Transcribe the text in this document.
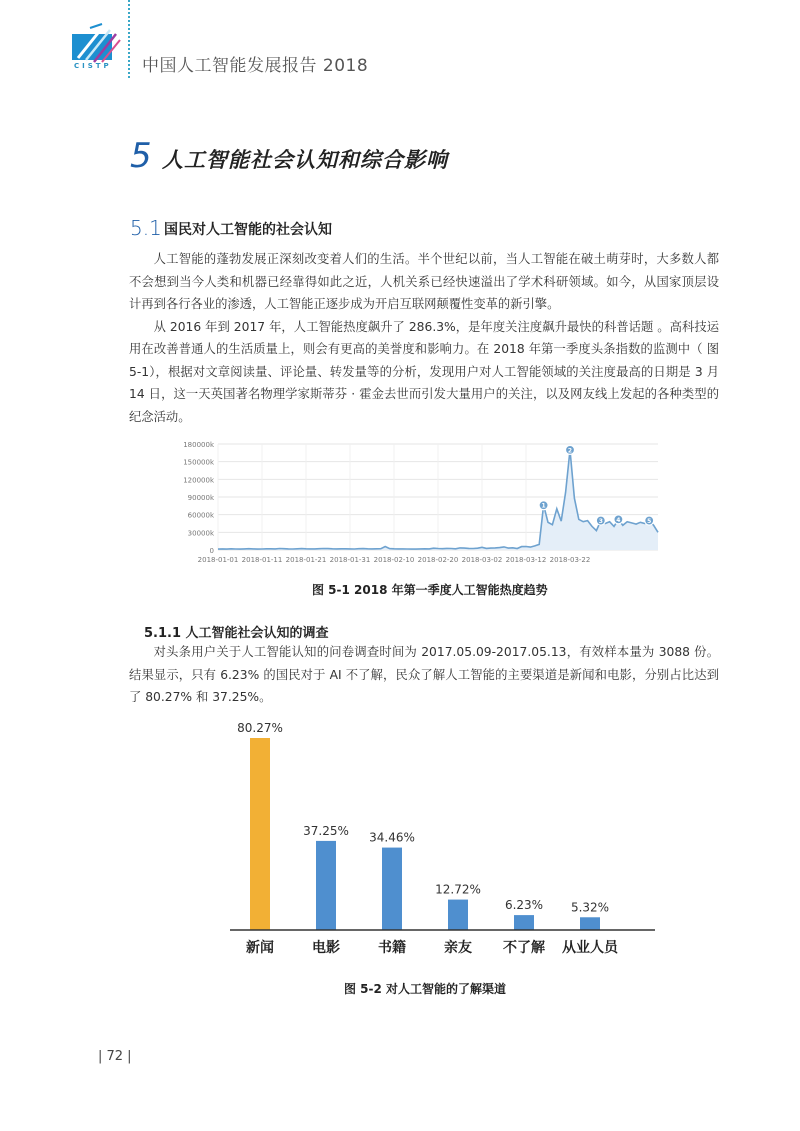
CISTP 中国人工智能发展报告 2018
5 人工智能社会认知和综合影响
5.1 国民对人工智能的社会认知

人工智能的蓬勃发展正深刻改变着人们的生活。半个世纪以前，当人工智能在破土萌芽时，大多数人都不会想到当今人类和机器已经靠得如此之近，人机关系已经快速溢出了学术科研领域。如今，从国家顶层设计再到各行各业的渗透，人工智能正逐步成为开启互联网颠覆性变革的新引擎。

从 2016 年到 2017 年，人工智能热度飙升了 286.3%，是年度关注度飙升最快的科普话题 。高科技运用在改善普通人的生活质量上，则会有更高的美誉度和影响力。在 2018 年第一季度头条指数的监测中（ 图 5-1），根据对文章阅读量、评论量、转发量等的分析，发现用户对人工智能领域的关注度最高的日期是 3 月 14 日，这一天英国著名物理学家斯蒂芬 · 霍金去世而引发大量用户的关注，以及网友线上发起的各种类型的纪念活动。

180000k
150000k
120000k
90000k
60000k
30000k
0
2018-01-01 2018-01-11 2018-01-21 2018-01-31 2018-02-10 2018-02-20 2018-03-02 2018-03-12 2018-03-22
1
2
3 4	5
图 5-1 2018 年第一季度人工智能热度趋势
5.1.1 人工智能社会认知的调查

对头条用户关于人工智能认知的问卷调查时间为 2017.05.09-2017.05.13，有效样本量为 3088 份。结果显示，只有 6.23% 的国民对于 AI 不了解，民众了解人工智能的主要渠道是新闻和电影，分别占比达到了 80.27% 和 37.25%。

80.27%
37.25% 34.46%
12.72%
6.23% 5.32%
新闻	电影	书籍	亲友 不了解 从业人员
图 5-2 对人工智能的了解渠道
| 72 |
